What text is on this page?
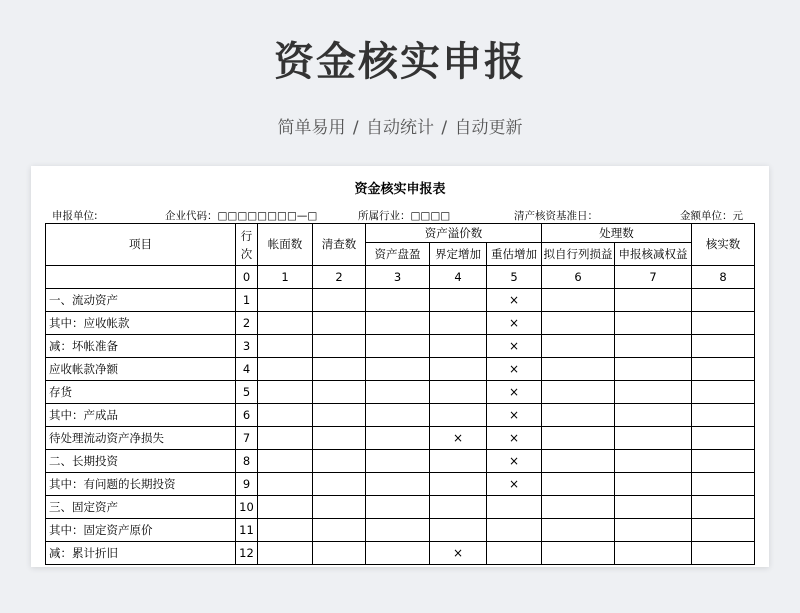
资金核实申报
简单易用 / 自动统计 / 自动更新
资金核实申报表
申报单位:	企业代码：□□□□□□□□—□	所属行业：□□□□	清产核资基准日：	金额单位：元
项目	行次	帐面数	清查数	资产溢价数			处理数		核实数
				资产盘盈	界定增加	重估增加	拟自行列损益	申报核减权益	
	0	1	2	3	4	5	6	7	8
一、流动资产	1					×			
其中：应收帐款	2					×			
减：坏帐准备	3					×			
应收帐款净额	4					×			
存货	5					×			
其中：产成品	6					×			
待处理流动资产净损失	7				×	×			
二、长期投资	8					×			
其中：有问题的长期投资	9					×			
三、固定资产	10								
其中：固定资产原价	11								
减：累计折旧	12				×				
